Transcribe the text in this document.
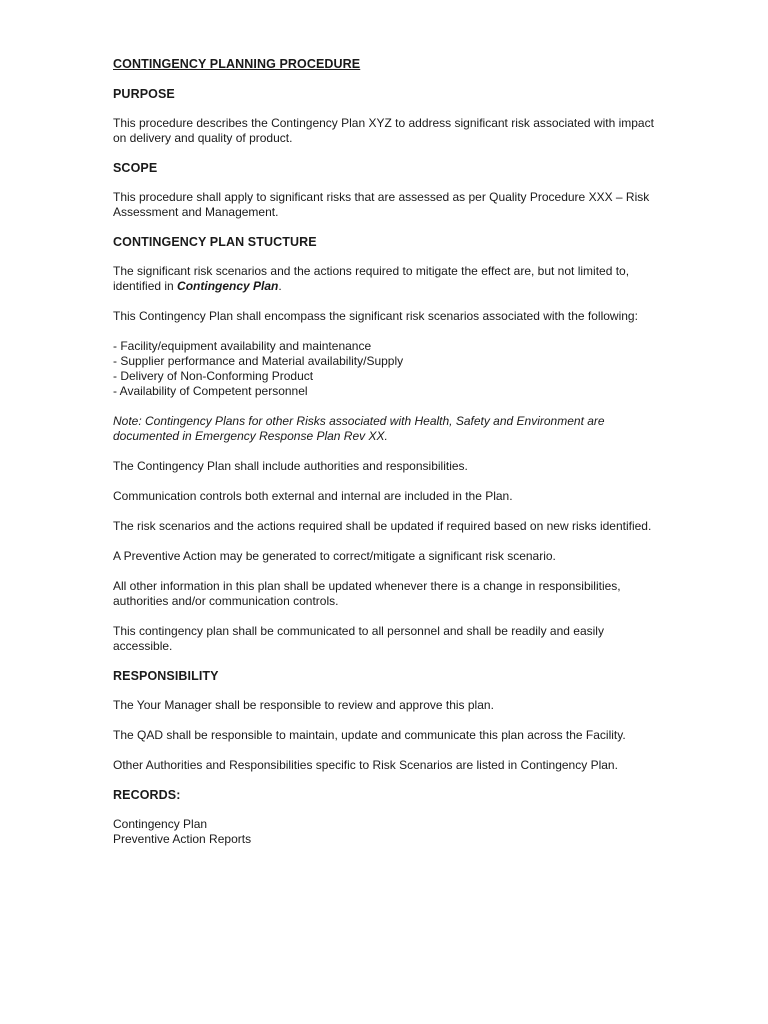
CONTINGENCY PLANNING PROCEDURE
PURPOSE
This procedure describes the Contingency Plan XYZ to address significant risk associated with impact on delivery and quality of product.
SCOPE
This procedure shall apply to significant risks that are assessed as per Quality Procedure XXX – Risk Assessment and Management.
CONTINGENCY PLAN STUCTURE
The significant risk scenarios and the actions required to mitigate the effect are, but not limited to, identified in Contingency Plan.
This Contingency Plan shall encompass the significant risk scenarios associated with the following:
- Facility/equipment availability and maintenance
- Supplier performance and Material availability/Supply
- Delivery of Non-Conforming Product
- Availability of Competent personnel
Note: Contingency Plans for other Risks associated with Health, Safety and Environment are documented in Emergency Response Plan Rev XX.
The Contingency Plan shall include authorities and responsibilities.
Communication controls both external and internal are included in the Plan.
The risk scenarios and the actions required shall be updated if required based on new risks identified.
A Preventive Action may be generated to correct/mitigate a significant risk scenario.
All other information in this plan shall be updated whenever there is a change in responsibilities, authorities and/or communication controls.
This contingency plan shall be communicated to all personnel and shall be readily and easily accessible.
RESPONSIBILITY
The Your Manager shall be responsible to review and approve this plan.
The QAD shall be responsible to maintain, update and communicate this plan across the Facility.
Other Authorities and Responsibilities specific to Risk Scenarios are listed in Contingency Plan.
RECORDS:
Contingency Plan
Preventive Action Reports
